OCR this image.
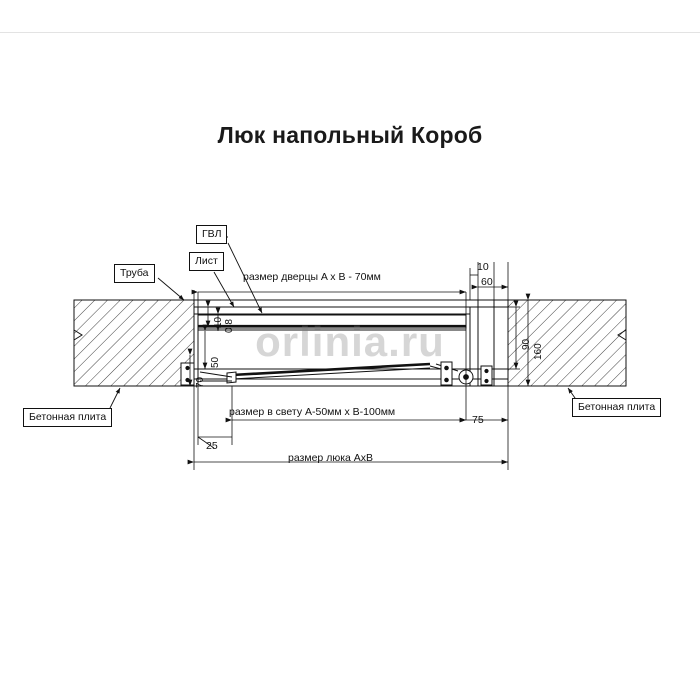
Люк напольный Короб
orlinia.ru
Труба
Лист
ГВЛ
Бетонная плита
Бетонная плита
размер дверцы A x B - 70мм
размер в свету A-50мм x B-100мм
размер люка AxB
10
60
75
25
10 0,8
50
70
90 160
